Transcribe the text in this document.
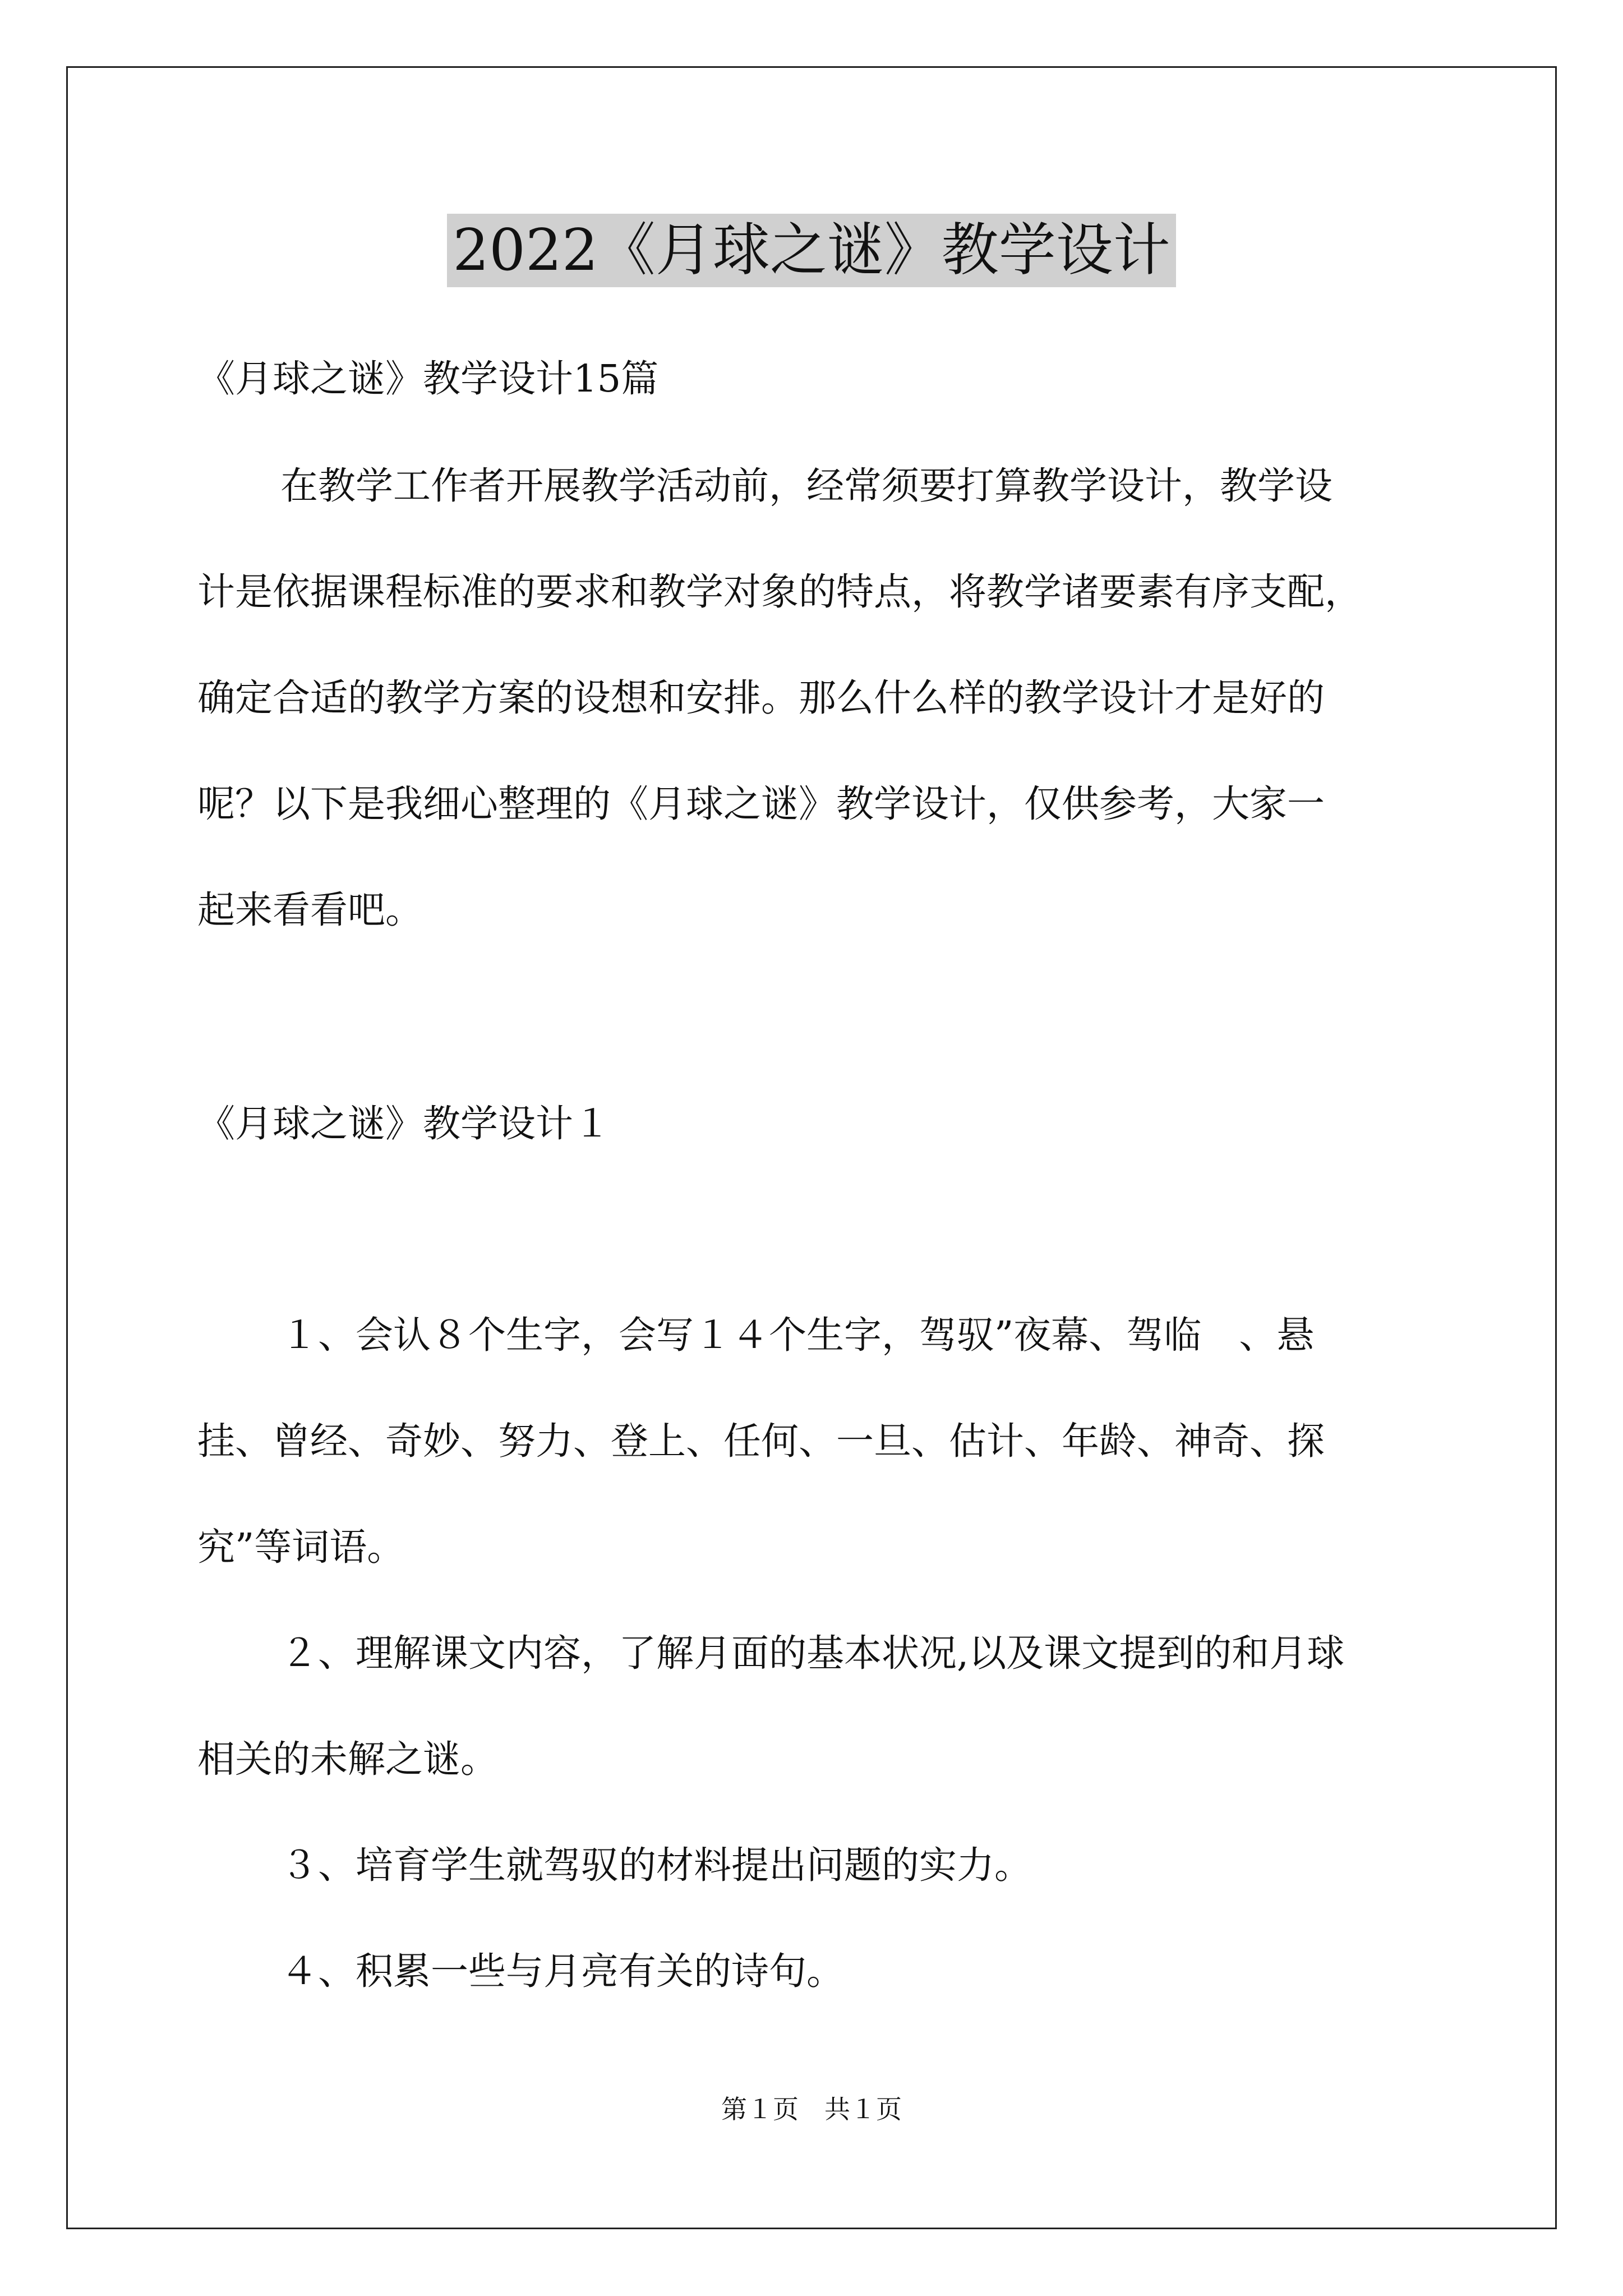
2022《月球之谜》教学设计

《月球之谜》教学设计15篇

在教学工作者开展教学活动前，经常须要打算教学设计，教学设

计是依据课程标准的要求和教学对象的特点，将教学诸要素有序支配，

确定合适的教学方案的设想和安排。那么什么样的教学设计才是好的

呢？以下是我细心整理的《月球之谜》教学设计，仅供参考，大家一

起来看看吧。

《月球之谜》教学设计１

１、会认８个生字，会写１４个生字，驾驭”夜幕、驾临　、悬

挂、曾经、奇妙、努力、登上、任何、一旦、估计、年龄、神奇、探

究”等词语。

２、理解课文内容，了解月面的基本状况,以及课文提到的和月球

相关的未解之谜。

３、培育学生就驾驭的材料提出问题的实力。

４、积累一些与月亮有关的诗句。

第１页　共１页
